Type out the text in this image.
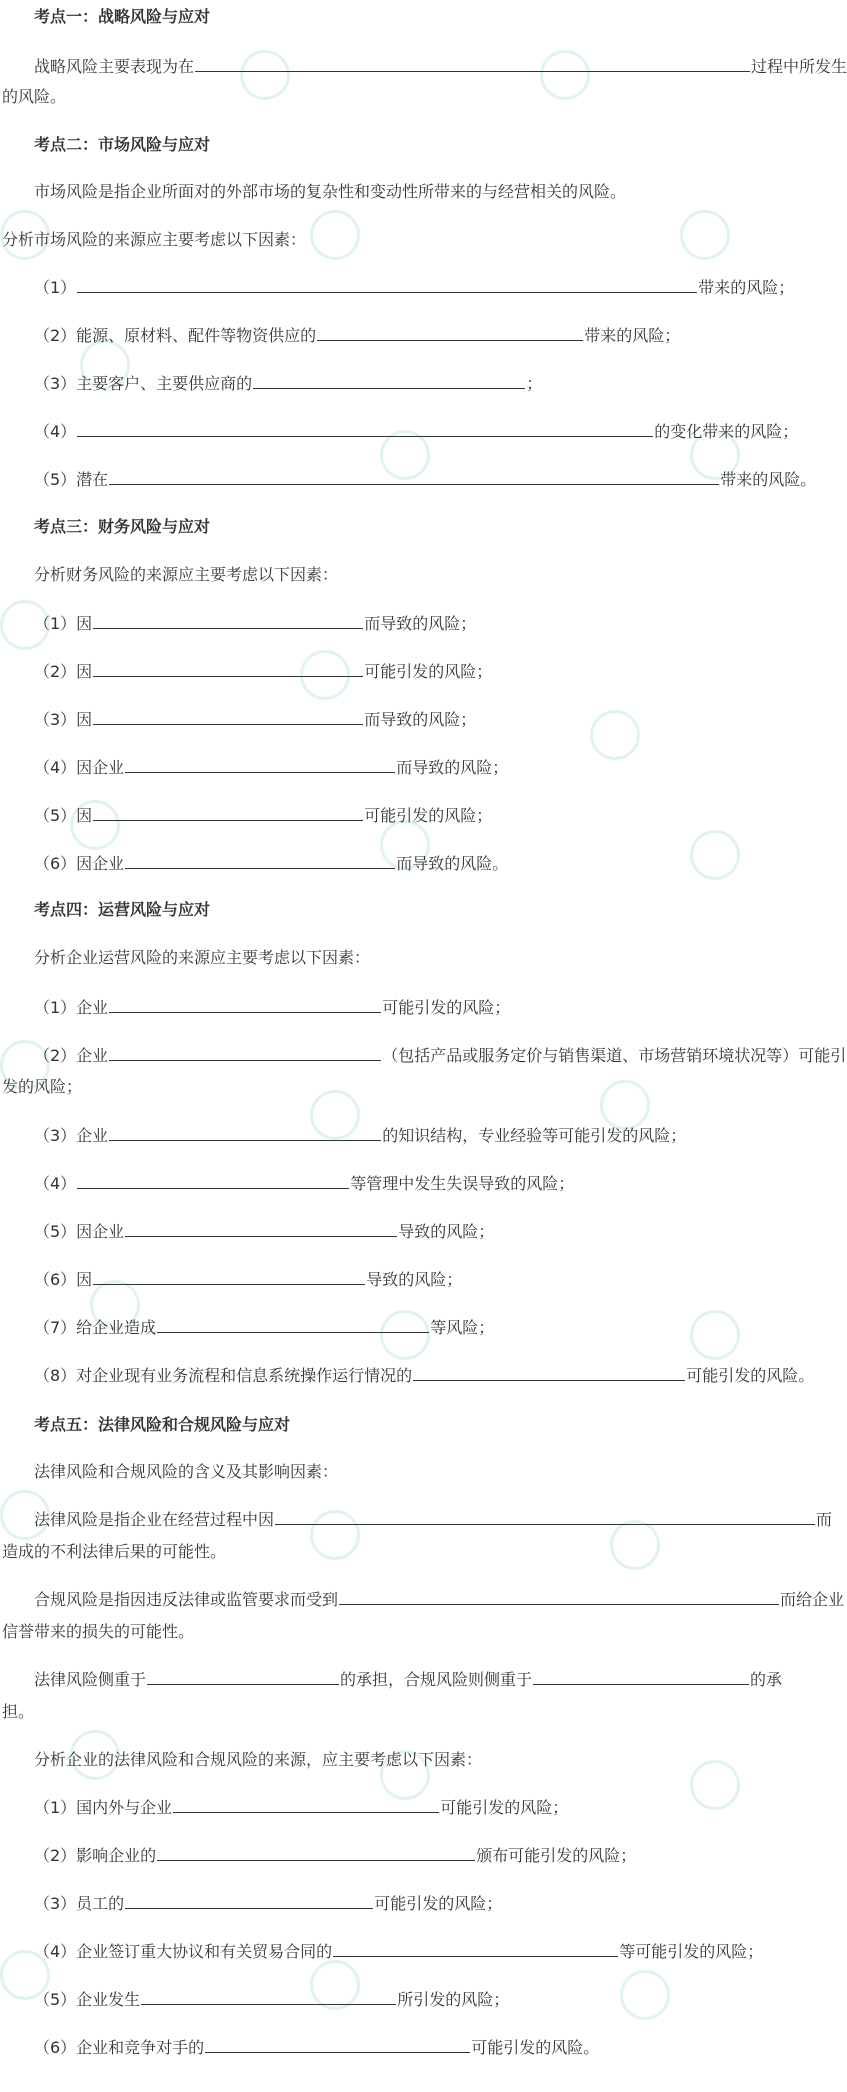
考点一：战略风险与应对
战略风险主要表现为在	过程中所发生
的风险。
考点二：市场风险与应对
市场风险是指企业所面对的外部市场的复杂性和变动性所带来的与经营相关的风险。
分析市场风险的来源应主要考虑以下因素：
（1）	带来的风险；
（2）能源、原材料、配件等物资供应的	带来的风险；
（3）主要客户、主要供应商的	；
（4）	的变化带来的风险；
（5）潜在	带来的风险。
考点三：财务风险与应对
分析财务风险的来源应主要考虑以下因素：
（1）因	而导致的风险；
（2）因	可能引发的风险；
（3）因	而导致的风险；
（4）因企业	而导致的风险；
（5）因	可能引发的风险；
（6）因企业	而导致的风险。
考点四：运营风险与应对
分析企业运营风险的来源应主要考虑以下因素：
（1）企业	可能引发的风险；
（2）企业	（包括产品或服务定价与销售渠道、市场营销环境状况等）可能引
发的风险；
（3）企业	的知识结构，专业经验等可能引发的风险；
（4）	等管理中发生失误导致的风险；
（5）因企业	导致的风险；
（6）因	导致的风险；
（7）给企业造成	等风险；
（8）对企业现有业务流程和信息系统操作运行情况的	可能引发的风险。
考点五：法律风险和合规风险与应对
法律风险和合规风险的含义及其影响因素：
法律风险是指企业在经营过程中因	而
造成的不利法律后果的可能性。
合规风险是指因违反法律或监管要求而受到	而给企业
信誉带来的损失的可能性。
法律风险侧重于	的承担，合规风险则侧重于	的承
担。
分析企业的法律风险和合规风险的来源，应主要考虑以下因素：
（1）国内外与企业	可能引发的风险；
（2）影响企业的	颁布可能引发的风险；
（3）员工的	可能引发的风险；
（4）企业签订重大协议和有关贸易合同的	等可能引发的风险；
（5）企业发生	所引发的风险；
（6）企业和竞争对手的	可能引发的风险。
